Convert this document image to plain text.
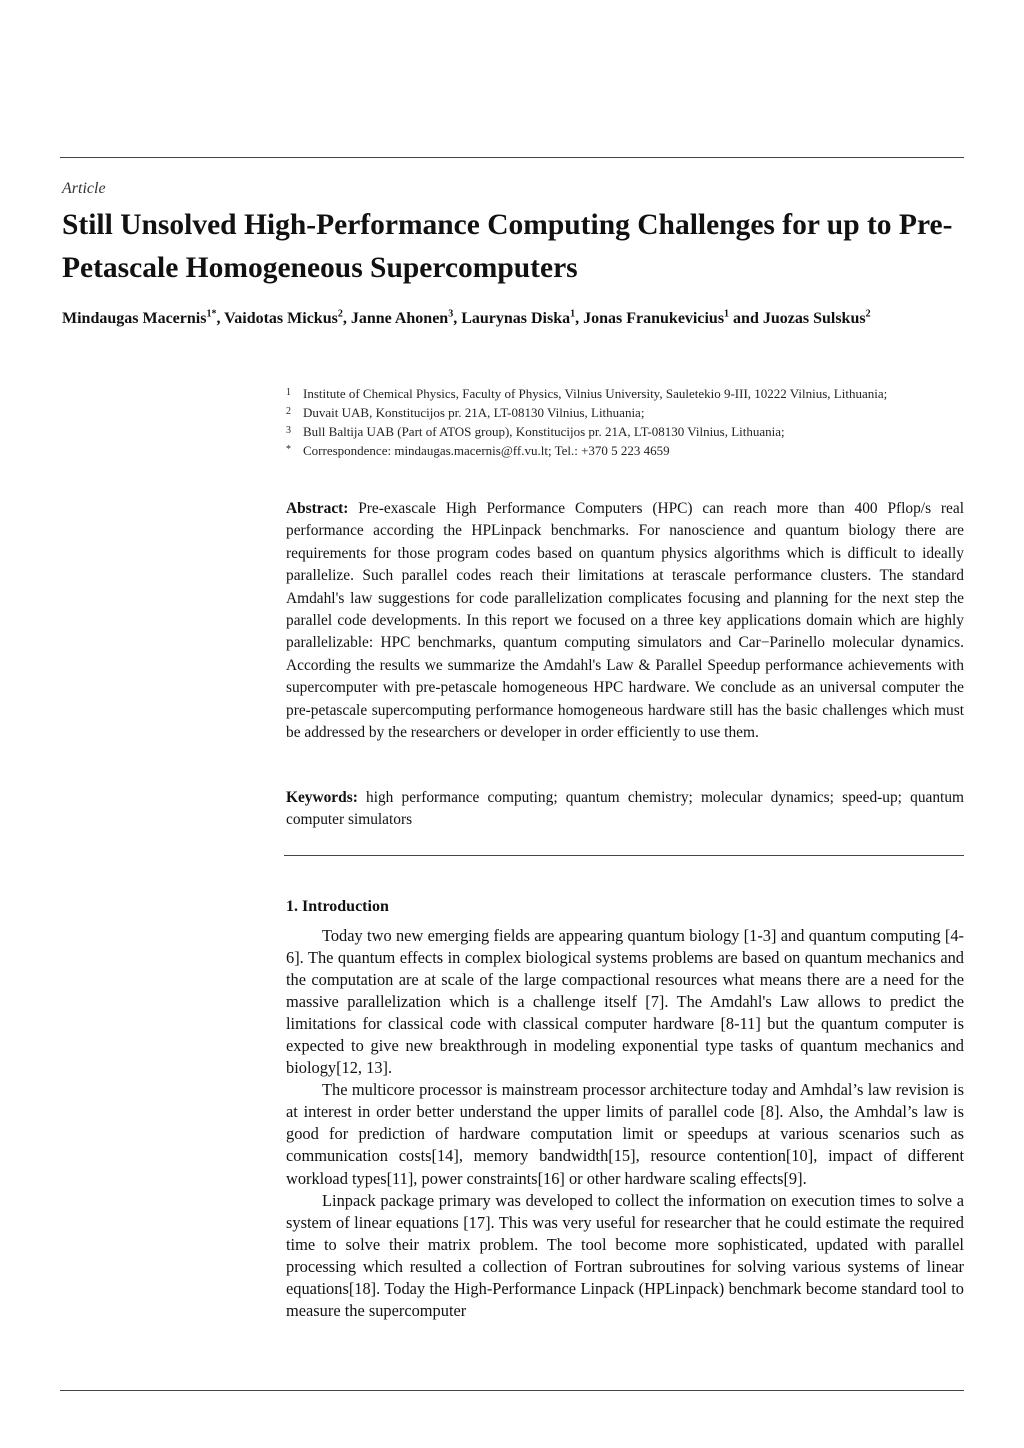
Article
Still Unsolved High-Performance Computing Challenges for up to Pre-Petascale Homogeneous Supercomputers
Mindaugas Macernis$^{1*}$, Vaidotas Mickus$^2$, Janne Ahonen$^3$, Laurynas Diska$^1$, Jonas Franukevicius$^1$ and Juozas Sulskus$^2$
1 Institute of Chemical Physics, Faculty of Physics, Vilnius University, Sauletekio 9-III, 10222 Vilnius, Lithuania;
2 Duvait UAB, Konstitucijos pr. 21A, LT-08130 Vilnius, Lithuania;
3 Bull Baltija UAB (Part of ATOS group), Konstitucijos pr. 21A, LT-08130 Vilnius, Lithuania;
* Correspondence: mindaugas.macernis@ff.vu.lt; Tel.: +370 5 223 4659
Abstract: Pre-exascale High Performance Computers (HPC) can reach more than 400 Pflop/s real performance according the HPLinpack benchmarks. For nanoscience and quantum biology there are requirements for those program codes based on quantum physics algorithms which is difficult to ideally parallelize. Such parallel codes reach their limitations at terascale performance clusters. The standard Amdahl's law suggestions for code parallelization complicates focusing and planning for the next step the parallel code developments. In this report we focused on a three key applications domain which are highly parallelizable: HPC benchmarks, quantum computing simulators and Car−Parinello molecular dynamics. According the results we summarize the Amdahl's Law & Parallel Speedup performance achievements with supercomputer with pre-petascale homogeneous HPC hardware. We conclude as an universal computer the pre-petascale supercomputing performance homogeneous hardware still has the basic challenges which must be addressed by the researchers or developer in order efficiently to use them.
Keywords: high performance computing; quantum chemistry; molecular dynamics; speed-up; quantum computer simulators
1. Introduction

Today two new emerging fields are appearing quantum biology [1-3] and quantum computing [4-6]. The quantum effects in complex biological systems problems are based on quantum mechanics and the computation are at scale of the large compactional resources what means there are a need for the massive parallelization which is a challenge itself [7]. The Amdahl's Law allows to predict the limitations for classical code with classical computer hardware [8-11] but the quantum computer is expected to give new breakthrough in modeling exponential type tasks of quantum mechanics and biology[12, 13].

The multicore processor is mainstream processor architecture today and Amhdal’s law revision is at interest in order better understand the upper limits of parallel code [8]. Also, the Amhdal’s law is good for prediction of hardware computation limit or speedups at various scenarios such as communication costs[14], memory bandwidth[15], resource contention[10], impact of different workload types[11], power constraints[16] or other hardware scaling effects[9].

Linpack package primary was developed to collect the information on execution times to solve a system of linear equations [17]. This was very useful for researcher that he could estimate the required time to solve their matrix problem. The tool become more sophisticated, updated with parallel processing which resulted a collection of Fortran subroutines for solving various systems of linear equations[18]. Today the High-Performance Linpack (HPLinpack) benchmark become standard tool to measure the supercomputer
